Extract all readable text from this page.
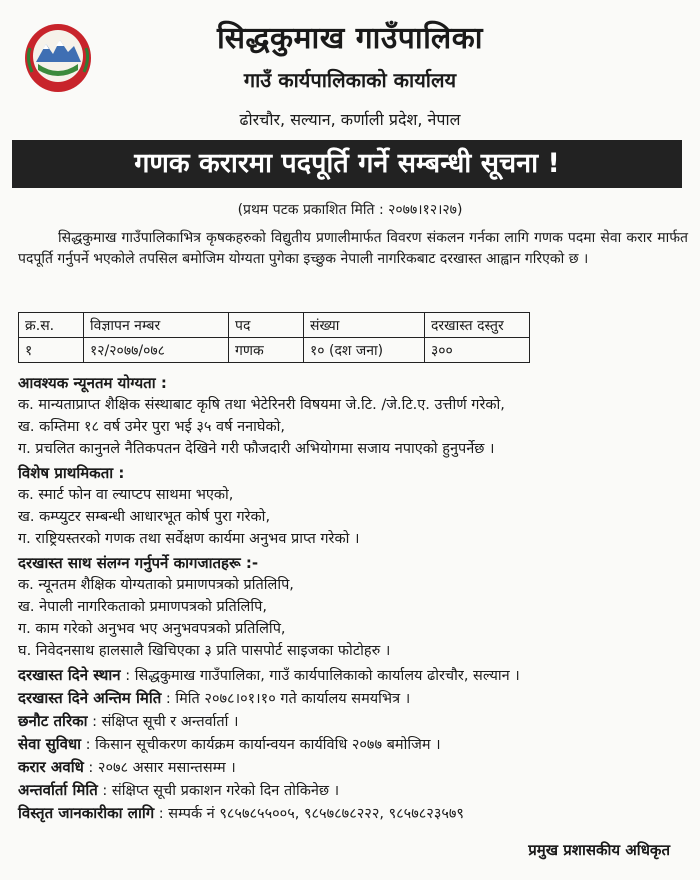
सिद्धकुमाख गाउँपालिका
गाउँ कार्यपालिकाको कार्यालय
ढोरचौर, सल्यान, कर्णाली प्रदेश, नेपाल
गणक करारमा पदपूर्ति गर्ने सम्बन्धी सूचना !
(प्रथम पटक प्रकाशित मिति : २०७७।१२।२७)

सिद्धकुमाख गाउँपालिकाभित्र कृषकहरुको विद्युतीय प्रणालीमार्फत विवरण संकलन गर्नका लागि गणक पदमा सेवा करार मार्फत पदपूर्ति गर्नुपर्ने भएकोले तपसिल बमोजिम योग्यता पुगेका इच्छुक नेपाली नागरिकबाट दरखास्त आह्वान गरिएको छ ।

क्र.स.	विज्ञापन नम्बर	पद	संख्या	दरखास्त दस्तुर
१	१२/२०७७/०७८	गणक	१० (दश जना)	३००
आवश्यक न्यूनतम योग्यता :
क. मान्यताप्राप्त शैक्षिक संस्थाबाट कृषि तथा भेटेरिनरी विषयमा जे.टि. /जे.टि.ए. उत्तीर्ण गरेको,
ख. कम्तिमा १८ वर्ष उमेर पुरा भई ३५ वर्ष ननाघेको,
ग. प्रचलित कानुनले नैतिकपतन देखिने गरी फौजदारी अभियोगमा सजाय नपाएको हुनुपर्नेछ ।
विशेष प्राथमिकता :
क. स्मार्ट फोन वा ल्याप्टप साथमा भएको,
ख. कम्प्युटर सम्बन्धी आधारभूत कोर्ष पुरा गरेको,
ग. राष्ट्रियस्तरको गणक तथा सर्वेक्षण कार्यमा अनुभव प्राप्त गरेको ।
दरखास्त साथ संलग्न गर्नुपर्ने कागजातहरू :-
क. न्यूनतम शैक्षिक योग्यताको प्रमाणपत्रको प्रतिलिपि,
ख. नेपाली नागरिकताको प्रमाणपत्रको प्रतिलिपि,
ग. काम गरेको अनुभव भए अनुभवपत्रको प्रतिलिपि,
घ. निवेदनसाथ हालसालै खिचिएका ३ प्रति पासपोर्ट साइजका फोटोहरु ।
दरखास्त दिने स्थान : सिद्धकुमाख गाउँपालिका, गाउँ कार्यपालिकाको कार्यालय ढोरचौर, सल्यान ।
दरखास्त दिने अन्तिम मिति : मिति २०७८।०१।१० गते कार्यालय समयभित्र ।
छनौट तरिका : संक्षिप्त सूची र अन्तर्वार्ता ।
सेवा सुविधा : किसान सूचीकरण कार्यक्रम कार्यान्वयन कार्यविधि २०७७ बमोजिम ।
करार अवधि : २०७८ असार मसान्तसम्म ।
अन्तर्वार्ता मिति : संक्षिप्त सूची प्रकाशन गरेको दिन तोकिनेछ ।
विस्तृत जानकारीका लागि : सम्पर्क नं ९८५७८५५००५, ९८५७८७८२२२, ९८५७८२३५७९
प्रमुख प्रशासकीय अधिकृत
